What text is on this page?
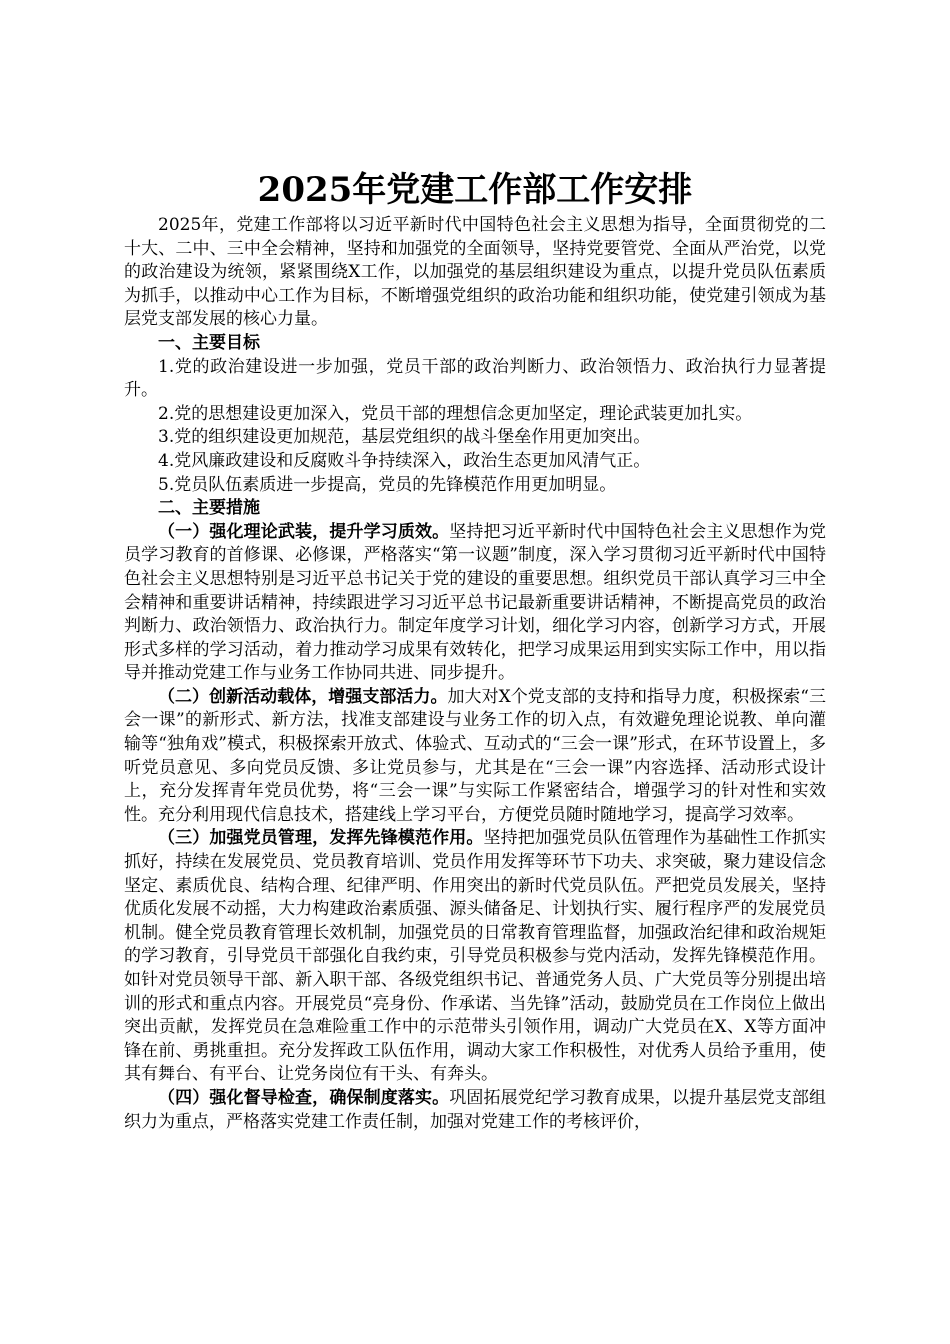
2025年党建工作部工作安排

2025年，党建工作部将以习近平新时代中国特色社会主义思想为指导，全面贯彻党的二十大、二中、三中全会精神，坚持和加强党的全面领导，坚持党要管党、全面从严治党，以党的政治建设为统领，紧紧围绕X工作，以加强党的基层组织建设为重点，以提升党员队伍素质为抓手，以推动中心工作为目标，不断增强党组织的政治功能和组织功能，使党建引领成为基层党支部发展的核心力量。

一、主要目标

1.党的政治建设进一步加强，党员干部的政治判断力、政治领悟力、政治执行力显著提升。

2.党的思想建设更加深入，党员干部的理想信念更加坚定，理论武装更加扎实。

3.党的组织建设更加规范，基层党组织的战斗堡垒作用更加突出。

4.党风廉政建设和反腐败斗争持续深入，政治生态更加风清气正。

5.党员队伍素质进一步提高，党员的先锋模范作用更加明显。

二、主要措施

（一）强化理论武装，提升学习质效。坚持把习近平新时代中国特色社会主义思想作为党员学习教育的首修课、必修课，严格落实“第一议题”制度，深入学习贯彻习近平新时代中国特色社会主义思想特别是习近平总书记关于党的建设的重要思想。组织党员干部认真学习三中全会精神和重要讲话精神，持续跟进学习习近平总书记最新重要讲话精神，不断提高党员的政治判断力、政治领悟力、政治执行力。制定年度学习计划，细化学习内容，创新学习方式，开展形式多样的学习活动，着力推动学习成果有效转化，把学习成果运用到实实际工作中，用以指导并推动党建工作与业务工作协同共进、同步提升。

（二）创新活动载体，增强支部活力。加大对X个党支部的支持和指导力度，积极探索“三会一课”的新形式、新方法，找准支部建设与业务工作的切入点，有效避免理论说教、单向灌输等“独角戏”模式，积极探索开放式、体验式、互动式的“三会一课”形式，在环节设置上，多听党员意见、多向党员反馈、多让党员参与，尤其是在“三会一课”内容选择、活动形式设计上，充分发挥青年党员优势，将“三会一课”与实际工作紧密结合，增强学习的针对性和实效性。充分利用现代信息技术，搭建线上学习平台，方便党员随时随地学习，提高学习效率。

（三）加强党员管理，发挥先锋模范作用。坚持把加强党员队伍管理作为基础性工作抓实抓好，持续在发展党员、党员教育培训、党员作用发挥等环节下功夫、求突破，聚力建设信念坚定、素质优良、结构合理、纪律严明、作用突出的新时代党员队伍。严把党员发展关，坚持优质化发展不动摇，大力构建政治素质强、源头储备足、计划执行实、履行程序严的发展党员机制。健全党员教育管理长效机制，加强党员的日常教育管理监督，加强政治纪律和政治规矩的学习教育，引导党员干部强化自我约束，引导党员积极参与党内活动，发挥先锋模范作用。如针对党员领导干部、新入职干部、各级党组织书记、普通党务人员、广大党员等分别提出培训的形式和重点内容。开展党员“亮身份、作承诺、当先锋”活动，鼓励党员在工作岗位上做出突出贡献，发挥党员在急难险重工作中的示范带头引领作用，调动广大党员在X、X等方面冲锋在前、勇挑重担。充分发挥政工队伍作用，调动大家工作积极性，对优秀人员给予重用，使其有舞台、有平台、让党务岗位有干头、有奔头。

（四）强化督导检查，确保制度落实。巩固拓展党纪学习教育成果，以提升基层党支部组织力为重点，严格落实党建工作责任制，加强对党建工作的考核评价，
